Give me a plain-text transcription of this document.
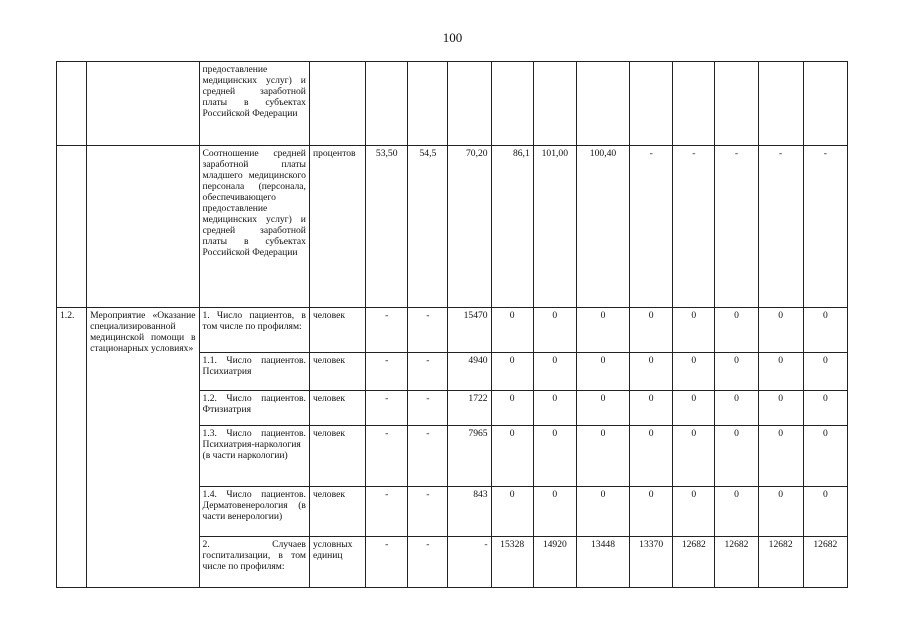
100
		предоставление медицинских услуг) и средней заработной платы в субъектах Российской Федерации												
		Соотношение средней заработной платы младшего медицинского персонала (персонала, обеспечивающего предоставление медицинских услуг) и средней заработной платы в субъектах Российской Федерации	процентов	53,50	54,5	70,20	86,1	101,00	100,40	-	-	-	-	-
1.2.	Мероприятие «Оказание специализированной медицинской помощи в стационарных условиях»	1. Число пациентов, в том числе по профилям:	человек	-	-	15470	0	0	0	0	0	0	0	0
		1.1. Число пациентов. Психиатрия	человек	-	-	4940	0	0	0	0	0	0	0	0
		1.2. Число пациентов. Фтизиатрия	человек	-	-	1722	0	0	0	0	0	0	0	0
		1.3. Число пациентов. Психиатрия-наркология (в части наркологии)	человек	-	-	7965	0	0	0	0	0	0	0	0
		1.4. Число пациентов. Дерматовенерология (в части венерологии)	человек	-	-	843	0	0	0	0	0	0	0	0
		2. Случаев госпитализации, в том числе по профилям:	условных единиц	-	-	-	15328	14920	13448	13370	12682	12682	12682	12682
